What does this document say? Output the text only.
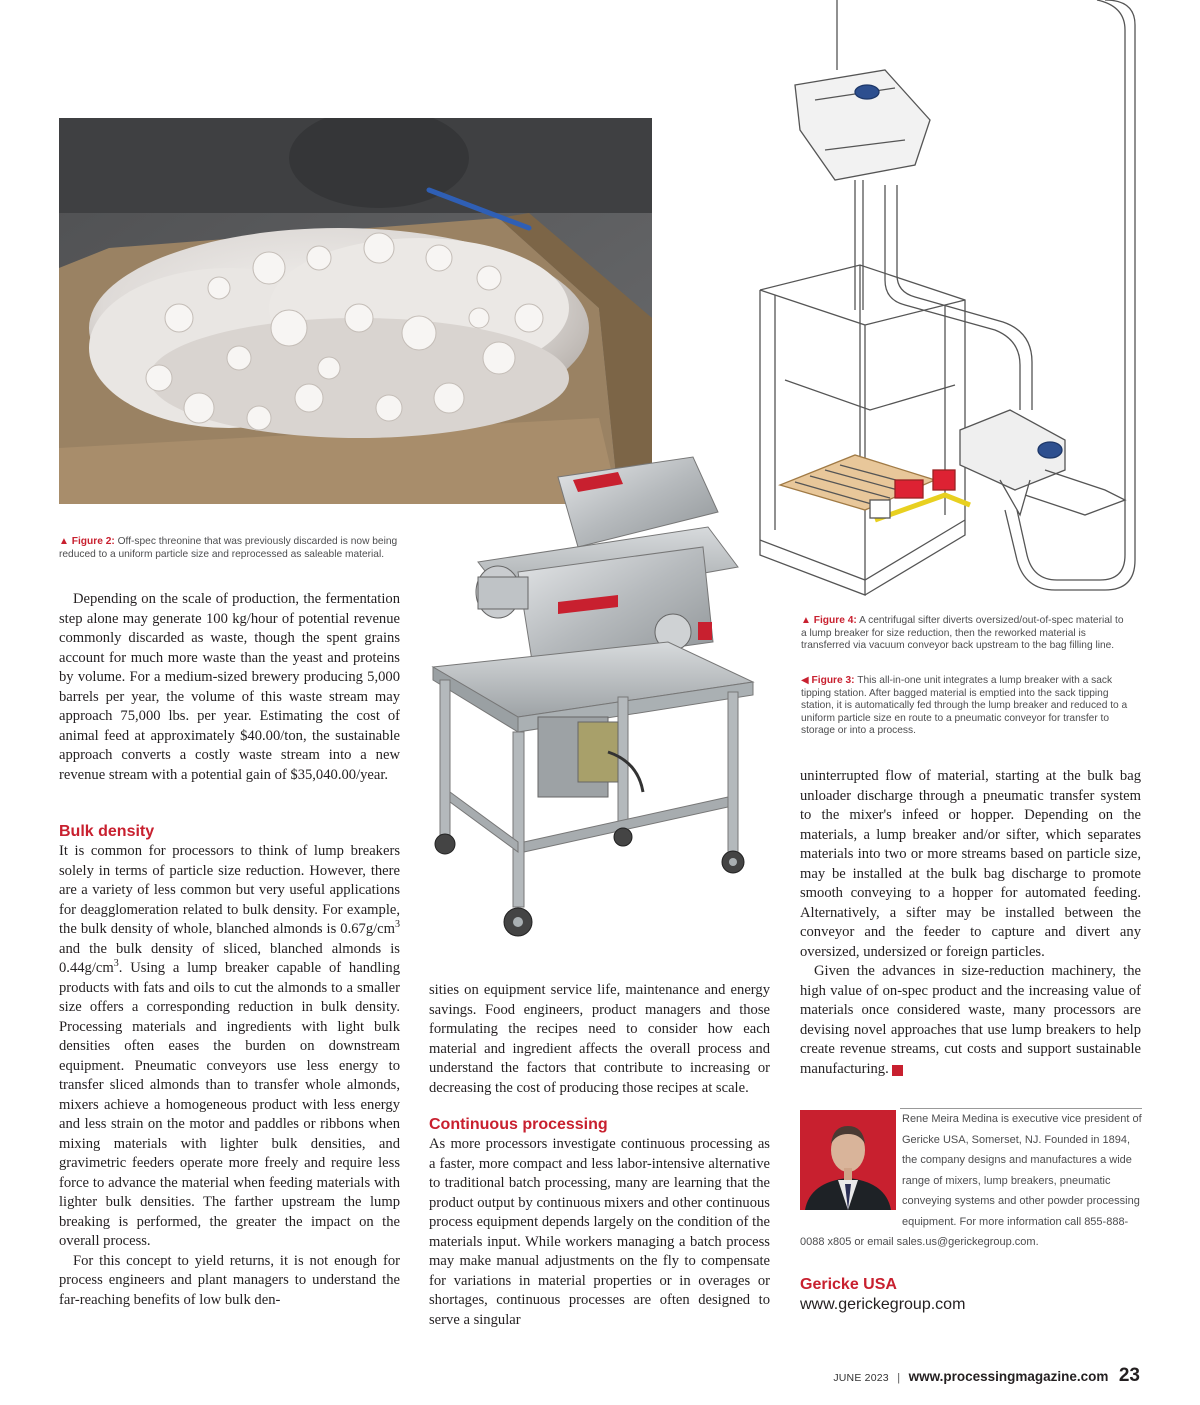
▲ Figure 2: Off-spec threonine that was previously discarded is now being reduced to a uniform particle size and reprocessed as saleable material.
▲ Figure 4: A centrifugal sifter diverts oversized/out-of-spec material to a lump breaker for size reduction, then the reworked material is transferred via vacuum conveyor back upstream to the bag filling line.
◀ Figure 3: This all-in-one unit integrates a lump breaker with a sack tipping station. After bagged material is emptied into the sack tipping station, it is automatically fed through the lump breaker and reduced to a uniform particle size en route to a pneumatic conveyor for transfer to storage or into a process.

Depending on the scale of production, the fermentation step alone may generate 100 kg/hour of potential revenue commonly discarded as waste, though the spent grains account for much more waste than the yeast and proteins by volume. For a medium-sized brewery producing 5,000 barrels per year, the volume of this waste stream may approach 75,000 lbs. per year. Estimating the cost of animal feed at approximately $40.00/ton, the sustainable approach converts a costly waste stream into a new revenue stream with a potential gain of $35,040.00/year.

Bulk density

It is common for processors to think of lump breakers solely in terms of particle size reduction. However, there are a variety of less common but very useful applications for deagglomeration related to bulk density. For example, the bulk density of whole, blanched almonds is $0.67g/cm^3$ and the bulk density of sliced, blanched almonds is $0.44g/cm^3$. Using a lump breaker capable of handling products with fats and oils to cut the almonds to a smaller size offers a corresponding reduction in bulk density. Processing materials and ingredients with light bulk densities often eases the burden on downstream equipment. Pneumatic conveyors use less energy to transfer sliced almonds than to transfer whole almonds, mixers achieve a homogeneous product with less energy and less strain on the motor and paddles or ribbons when mixing materials with lighter bulk densities, and gravimetric feeders operate more freely and require less force to advance the material when feeding materials with lighter bulk densities. The farther upstream the lump breaking is performed, the greater the impact on the overall process.

For this concept to yield returns, it is not enough for process engineers and plant managers to understand the far-reaching benefits of low bulk den-

sities on equipment service life, maintenance and energy savings. Food engineers, product managers and those formulating the recipes need to consider how each material and ingredient affects the overall process and understand the factors that contribute to increasing or decreasing the cost of producing those recipes at scale.

Continuous processing

As more processors investigate continuous processing as a faster, more compact and less labor-intensive alternative to traditional batch processing, many are learning that the product output by continuous mixers and other continuous process equipment depends largely on the condition of the materials input. While workers managing a batch process may make manual adjustments on the fly to compensate for variations in material properties or in overages or shortages, continuous processes are often designed to serve a singular

uninterrupted flow of material, starting at the bulk bag unloader discharge through a pneumatic transfer system to the mixer's infeed or hopper. Depending on the materials, a lump breaker and/or sifter, which separates materials into two or more streams based on particle size, may be installed at the bulk bag discharge to promote smooth conveying to a hopper for automated feeding. Alternatively, a sifter may be installed between the conveyor and the feeder to capture and divert any oversized, undersized or foreign particles.

Given the advances in size-reduction machinery, the high value of on-spec product and the increasing value of materials once considered waste, many processors are devising novel approaches that use lump breakers to help create revenue streams, cut costs and support sustainable manufacturing.	PB

Rene Meira Medina is executive vice president of Gericke USA, Somerset, NJ. Founded in 1894, the company designs and manufactures a wide range of mixers, lump breakers, pneumatic conveying systems and other powder processing equipment. For more information call 855-888-0088 x805 or email sales.us@gerickegroup.com.
Gericke USA
www.gerickegroup.com
JUNE 2023 | www.processingmagazine.com 23
